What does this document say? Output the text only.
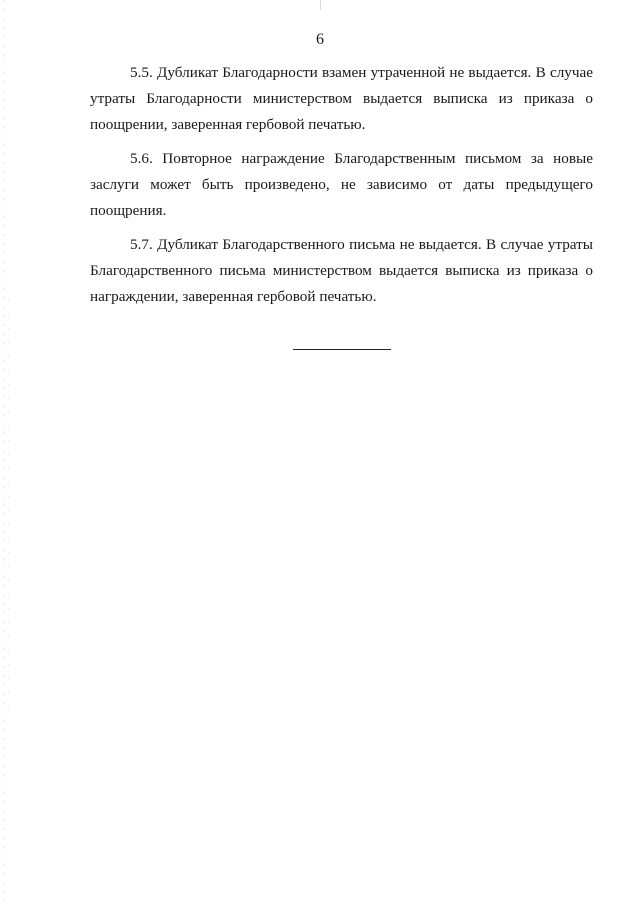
6

5.5. Дубликат Благодарности взамен утраченной не выдается. В случае утраты Благодарности министерством выдается выписка из приказа о поощрении, заверенная гербовой печатью.

5.6. Повторное награждение Благодарственным письмом за новые заслуги может быть произведено, не зависимо от даты предыдущего поощрения.

5.7. Дубликат Благодарственного письма не выдается. В случае утраты Благодарственного письма министерством выдается выписка из приказа о награждении, заверенная гербовой печатью.
